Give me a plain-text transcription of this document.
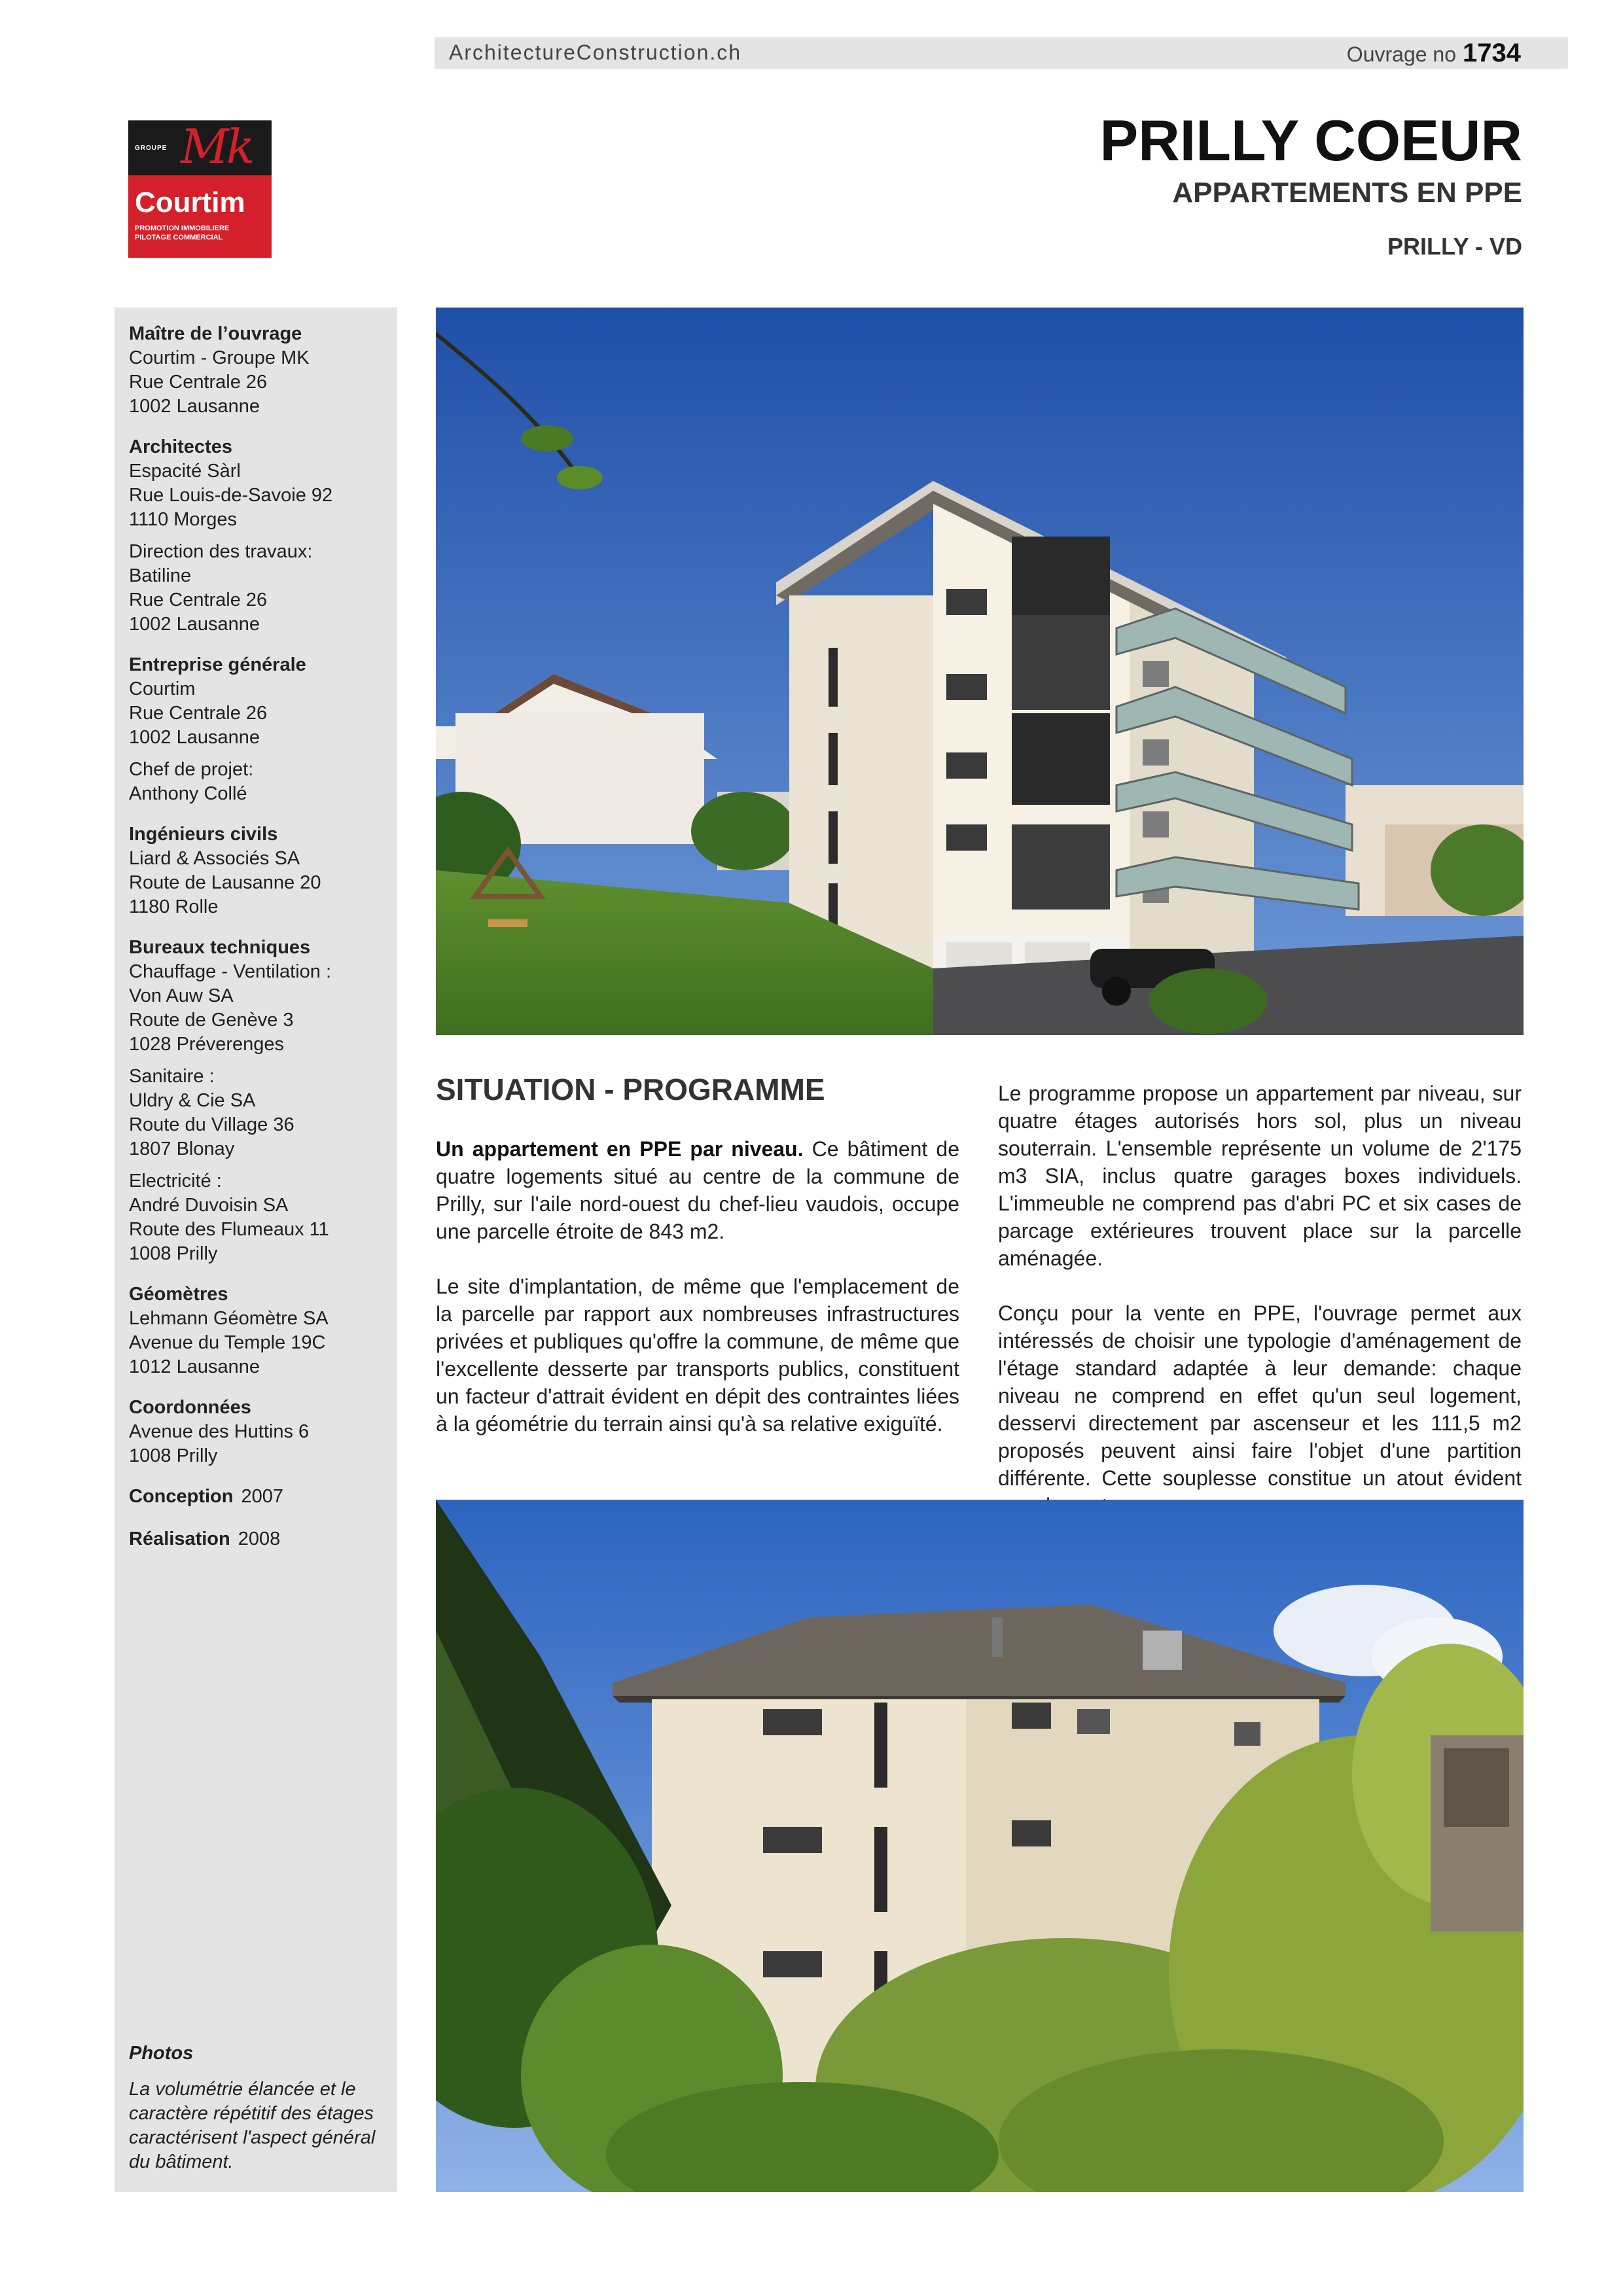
ArchitectureConstruction.ch	Ouvrage no 1734
GROUPE Mk
Courtim
PROMOTION IMMOBILIERE
PILOTAGE COMMERCIAL
PRILLY COEUR
APPARTEMENTS EN PPE
PRILLY - VD
Maître de l’ouvrage
Courtim - Groupe MK
Rue Centrale 26
1002 Lausanne
Architectes
Espacité Sàrl
Rue Louis-de-Savoie 92
1110 Morges
Direction des travaux:
Batiline
Rue Centrale 26
1002 Lausanne
Entreprise générale
Courtim
Rue Centrale 26
1002 Lausanne
Chef de projet:
Anthony Collé
Ingénieurs civils
Liard & Associés SA
Route de Lausanne 20
1180 Rolle
Bureaux techniques
Chauffage - Ventilation :
Von Auw SA
Route de Genève 3
1028 Préverenges
Sanitaire :
Uldry & Cie SA
Route du Village 36
1807 Blonay
Electricité :
André Duvoisin SA
Route des Flumeaux 11
1008 Prilly
Géomètres
Lehmann Géomètre SA
Avenue du Temple 19C
1012 Lausanne
Coordonnées
Avenue des Huttins 6
1008 Prilly
Conception 2007
Réalisation 2008
Photos
La volumétrie élancée et le caractère répétitif des étages caractérisent l'aspect général du bâtiment.
SITUATION - PROGRAMME

Un appartement en PPE par niveau. Ce bâtiment de quatre logements situé au centre de la commune de Prilly, sur l'aile nord-ouest du chef-lieu vaudois, occupe une parcelle étroite de 843 m2.

Le site d'implantation, de même que l'emplacement de la parcelle par rapport aux nombreuses infrastructures privées et publiques qu'offre la commune, de même que l'excellente desserte par transports publics, constituent un facteur d'attrait évident en dépit des contraintes liées à la géométrie du terrain ainsi qu'à sa relative exiguïté.

Le programme propose un appartement par niveau, sur quatre étages autorisés hors sol, plus un niveau souterrain. L'ensemble représente un volume de 2'175 m3 SIA, inclus quatre garages boxes individuels. L'immeuble ne comprend pas d'abri PC et six cases de parcage extérieures trouvent place sur la parcelle aménagée.

Conçu pour la vente en PPE, l'ouvrage permet aux intéressés de choisir une typologie d'aménagement de l'étage standard adaptée à leur demande: chaque niveau ne comprend en effet qu'un seul logement, desservi directement par ascenseur et les 111,5 m2 proposés peuvent ainsi faire l'objet d'une partition différente. Cette souplesse constitue un atout évident
